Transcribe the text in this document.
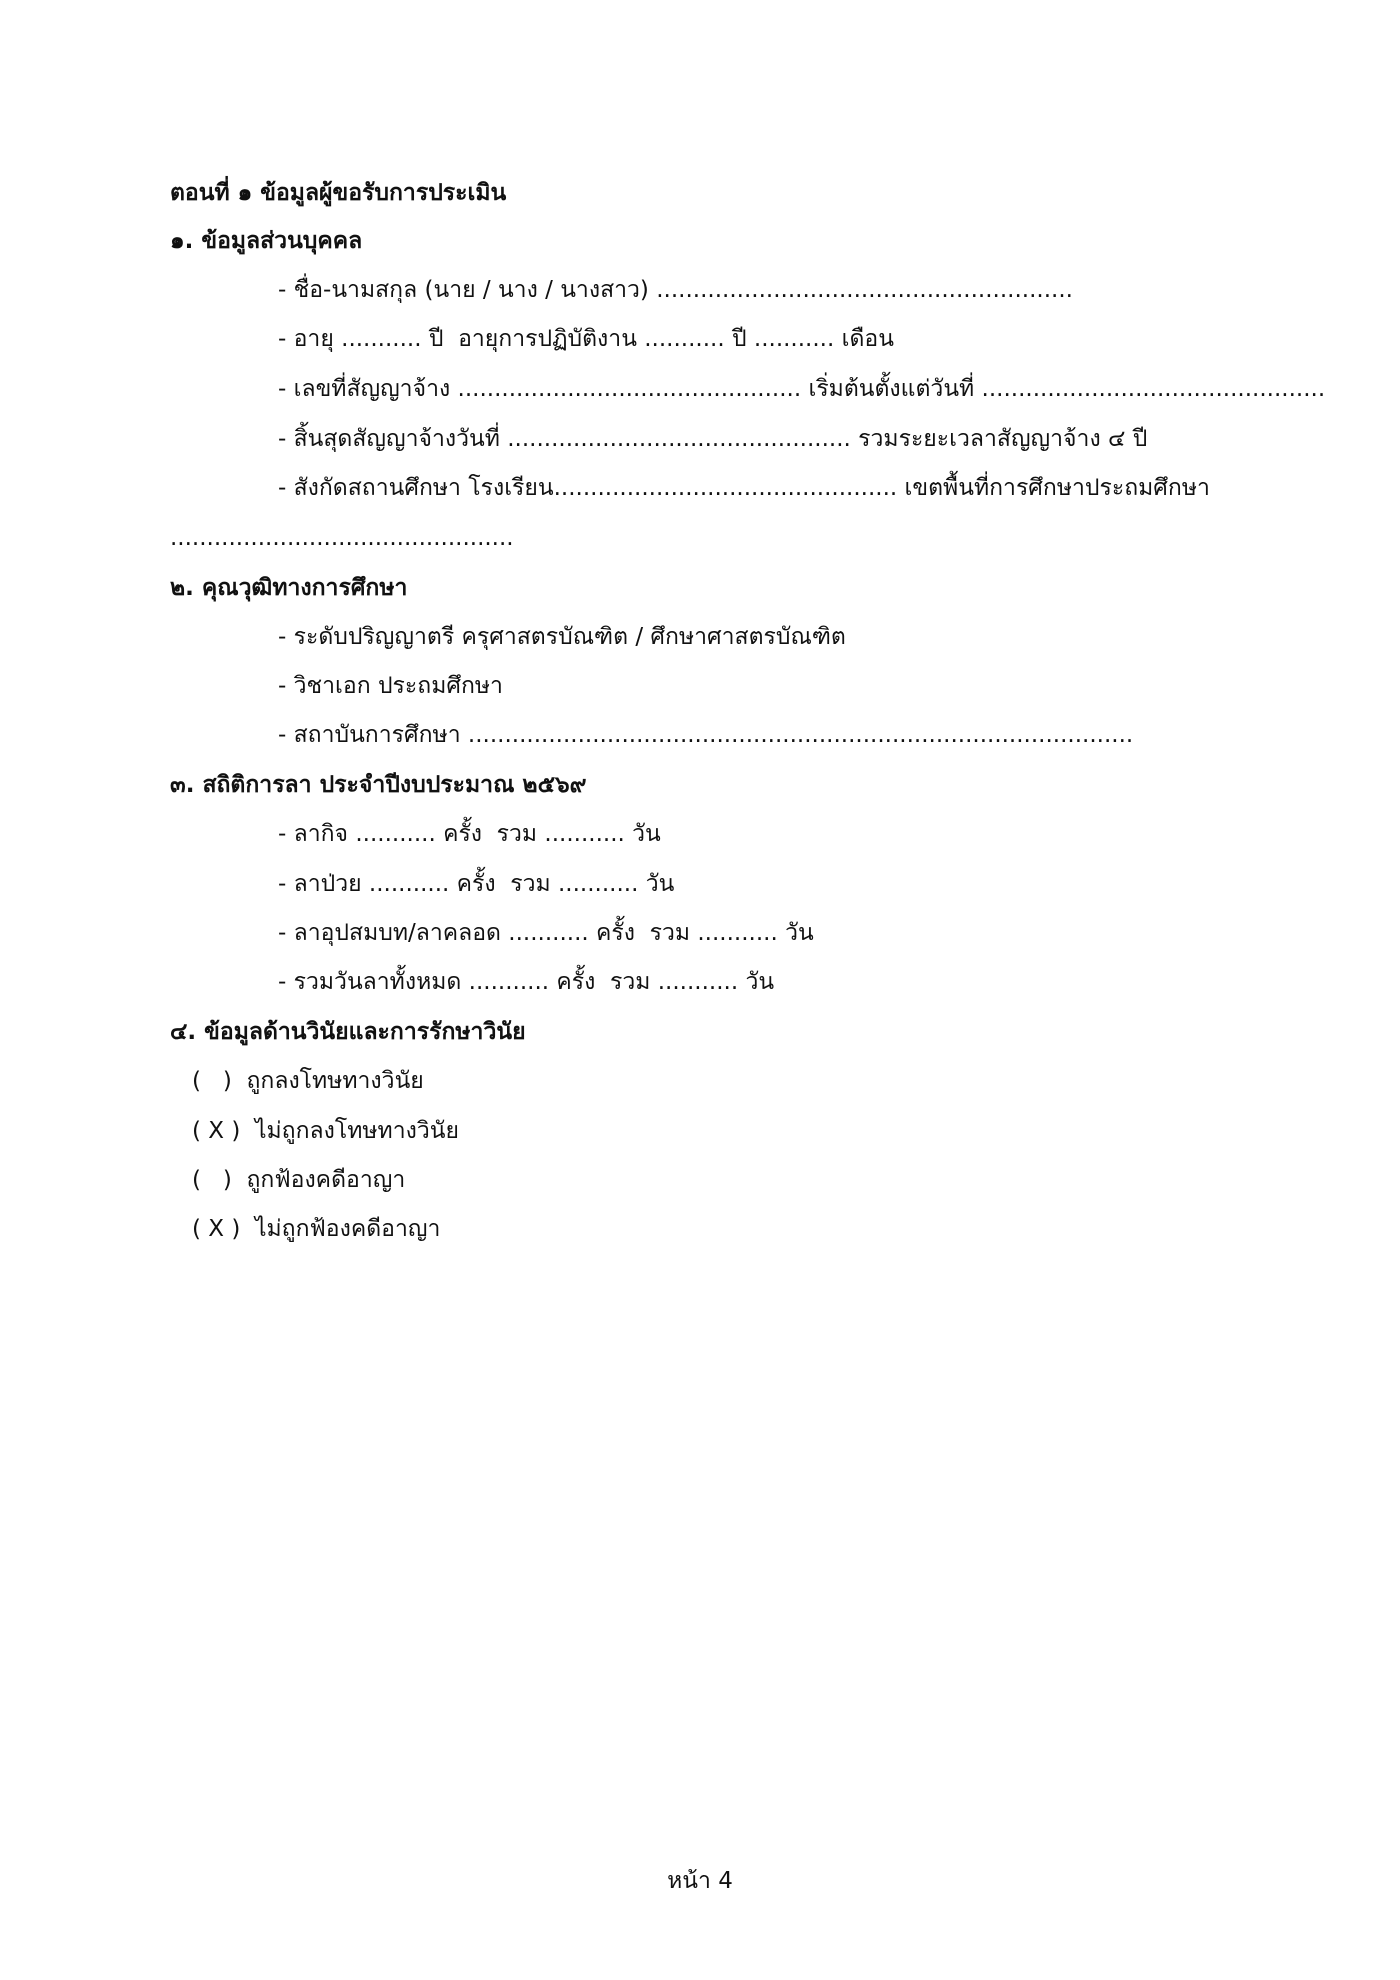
ตอนที่ ๑ ข้อมูลผู้ขอรับการประเมิน
๑. ข้อมูลส่วนบุคคล
- ชื่อ-นามสกุล (นาย / นาง / นางสาว) .........................................................
- อายุ ........... ปี  อายุการปฏิบัติงาน ........... ปี ........... เดือน
- เลขที่สัญญาจ้าง ............................................... เริ่มต้นตั้งแต่วันที่ ...............................................
- สิ้นสุดสัญญาจ้างวันที่ ............................................... รวมระยะเวลาสัญญาจ้าง ๔ ปี
- สังกัดสถานศึกษา โรงเรียน............................................... เขตพื้นที่การศึกษาประถมศึกษา
...............................................
๒. คุณวุฒิทางการศึกษา
- ระดับปริญญาตรี ครุศาสตรบัณฑิต / ศึกษาศาสตรบัณฑิต
- วิชาเอก ประถมศึกษา
- สถาบันการศึกษา ...........................................................................................
๓. สถิติการลา ประจำปีงบประมาณ ๒๕๖๙
- ลากิจ ........... ครั้ง  รวม ........... วัน
- ลาป่วย ........... ครั้ง  รวม ........... วัน
- ลาอุปสมบท/ลาคลอด ........... ครั้ง  รวม ........... วัน
- รวมวันลาทั้งหมด ........... ครั้ง  รวม ........... วัน
๔. ข้อมูลด้านวินัยและการรักษาวินัย
(   )  ถูกลงโทษทางวินัย
( X )  ไม่ถูกลงโทษทางวินัย
(   )  ถูกฟ้องคดีอาญา
( X )  ไม่ถูกฟ้องคดีอาญา
หน้า 4
